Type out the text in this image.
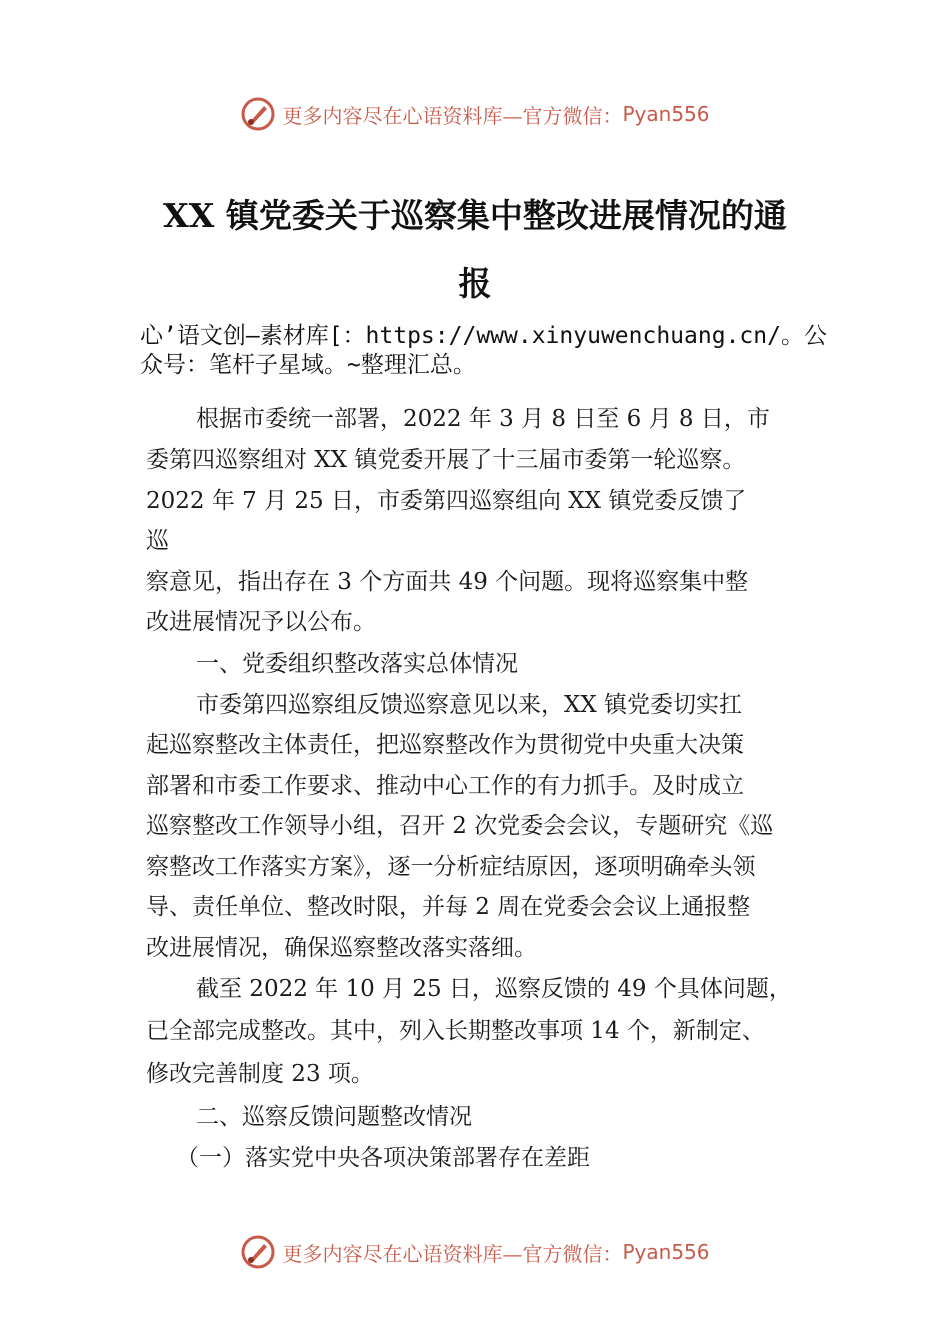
更多内容尽在心语资料库—官方微信： Pyan556
XX 镇党委关于巡察集中整改进展情况的通
报
心’语文创—素材库[：https://www.xinyuwenchuang.cn/。公众号：笔杆子星域。~整理汇总。
根据市委统一部署，2022 年 3 月 8 日至 6 月 8 日，市
委第四巡察组对 XX 镇党委开展了十三届市委第一轮巡察。
2022 年 7 月 25 日，市委第四巡察组向 XX 镇党委反馈了
巡
察意见，指出存在 3 个方面共 49 个问题。现将巡察集中整
改进展情况予以公布。
一、党委组织整改落实总体情况
市委第四巡察组反馈巡察意见以来，XX 镇党委切实扛
起巡察整改主体责任，把巡察整改作为贯彻党中央重大决策
部署和市委工作要求、推动中心工作的有力抓手。及时成立
巡察整改工作领导小组，召开 2 次党委会会议，专题研究《巡
察整改工作落实方案》，逐一分析症结原因，逐项明确牵头领
导、责任单位、整改时限，并每 2 周在党委会会议上通报整
改进展情况，确保巡察整改落实落细。
截至 2022 年 10 月 25 日，巡察反馈的 49 个具体问题，
已全部完成整改。其中，列入长期整改事项 14 个，新制定、
修改完善制度 23 项。
二、巡察反馈问题整改情况
（一）落实党中央各项决策部署存在差距
更多内容尽在心语资料库—官方微信： Pyan556
